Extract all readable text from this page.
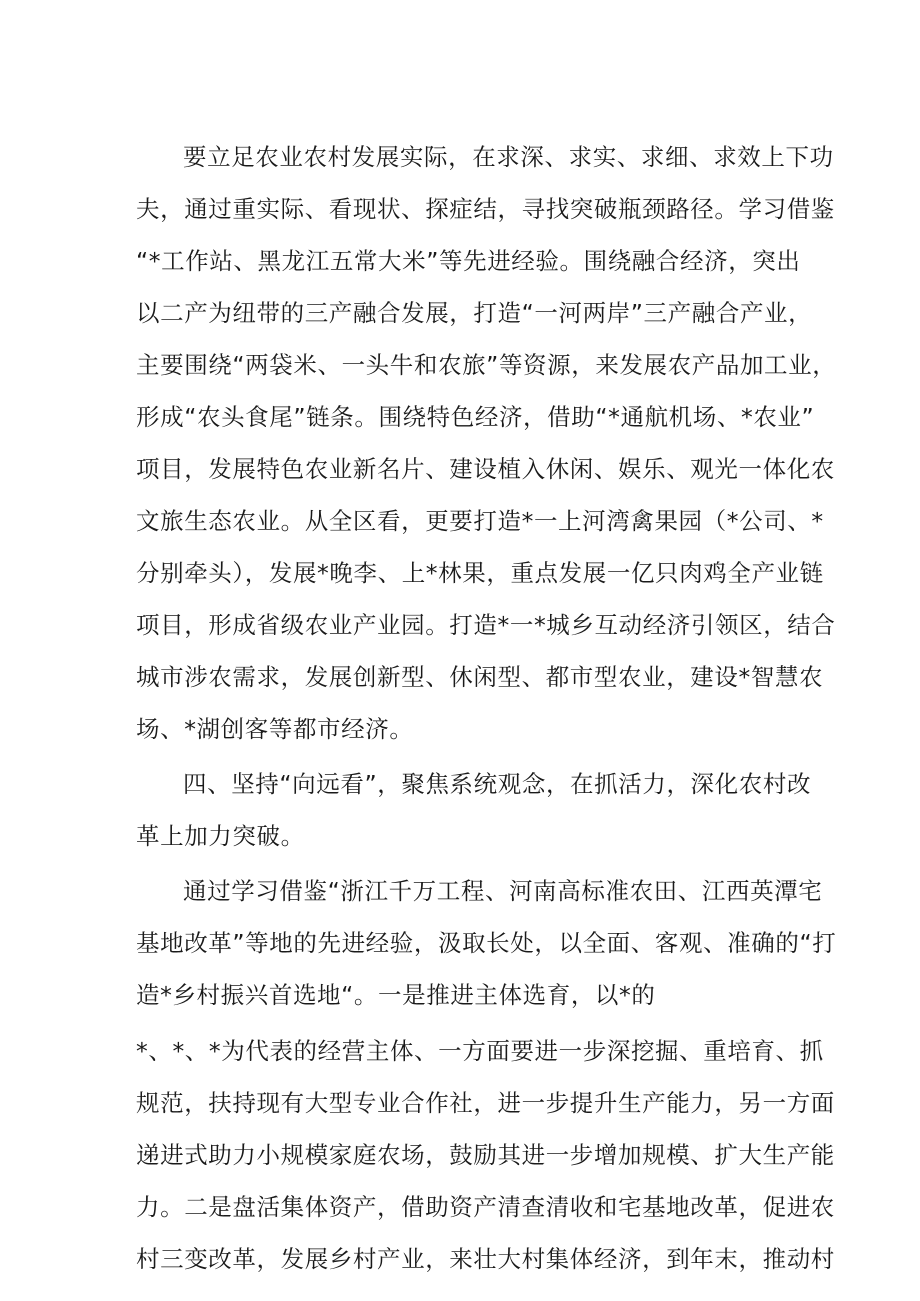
要立足农业农村发展实际，在求深、求实、求细、求效上下功
夫，通过重实际、看现状、探症结，寻找突破瓶颈路径。学习借鉴
“*工作站、黑龙江五常大米”等先进经验。围绕融合经济，突出
以二产为纽带的三产融合发展，打造“一河两岸”三产融合产业，
主要围绕“两袋米、一头牛和农旅”等资源，来发展农产品加工业，
形成“农头食尾”链条。围绕特色经济，借助“*通航机场、*农业”
项目，发展特色农业新名片、建设植入休闲、娱乐、观光一体化农
文旅生态农业。从全区看，更要打造*一上河湾禽果园（*公司、*
分别牵头），发展*晚李、上*林果，重点发展一亿只肉鸡全产业链
项目，形成省级农业产业园。打造*一*城乡互动经济引领区，结合
城市涉农需求，发展创新型、休闲型、都市型农业，建设*智慧农
场、*湖创客等都市经济。
四、坚持“向远看”，聚焦系统观念，在抓活力，深化农村改
革上加力突破。
通过学习借鉴“浙江千万工程、河南高标准农田、江西英潭宅
基地改革”等地的先进经验，汲取长处，以全面、客观、准确的“打
造*乡村振兴首选地“。一是推进主体选育，以*的
*、*、*为代表的经营主体、一方面要进一步深挖掘、重培育、抓
规范，扶持现有大型专业合作社，进一步提升生产能力，另一方面
递进式助力小规模家庭农场，鼓励其进一步增加规模、扩大生产能
力。二是盘活集体资产，借助资产清查清收和宅基地改革，促进农
村三变改革，发展乡村产业，来壮大村集体经济，到年末，推动村
